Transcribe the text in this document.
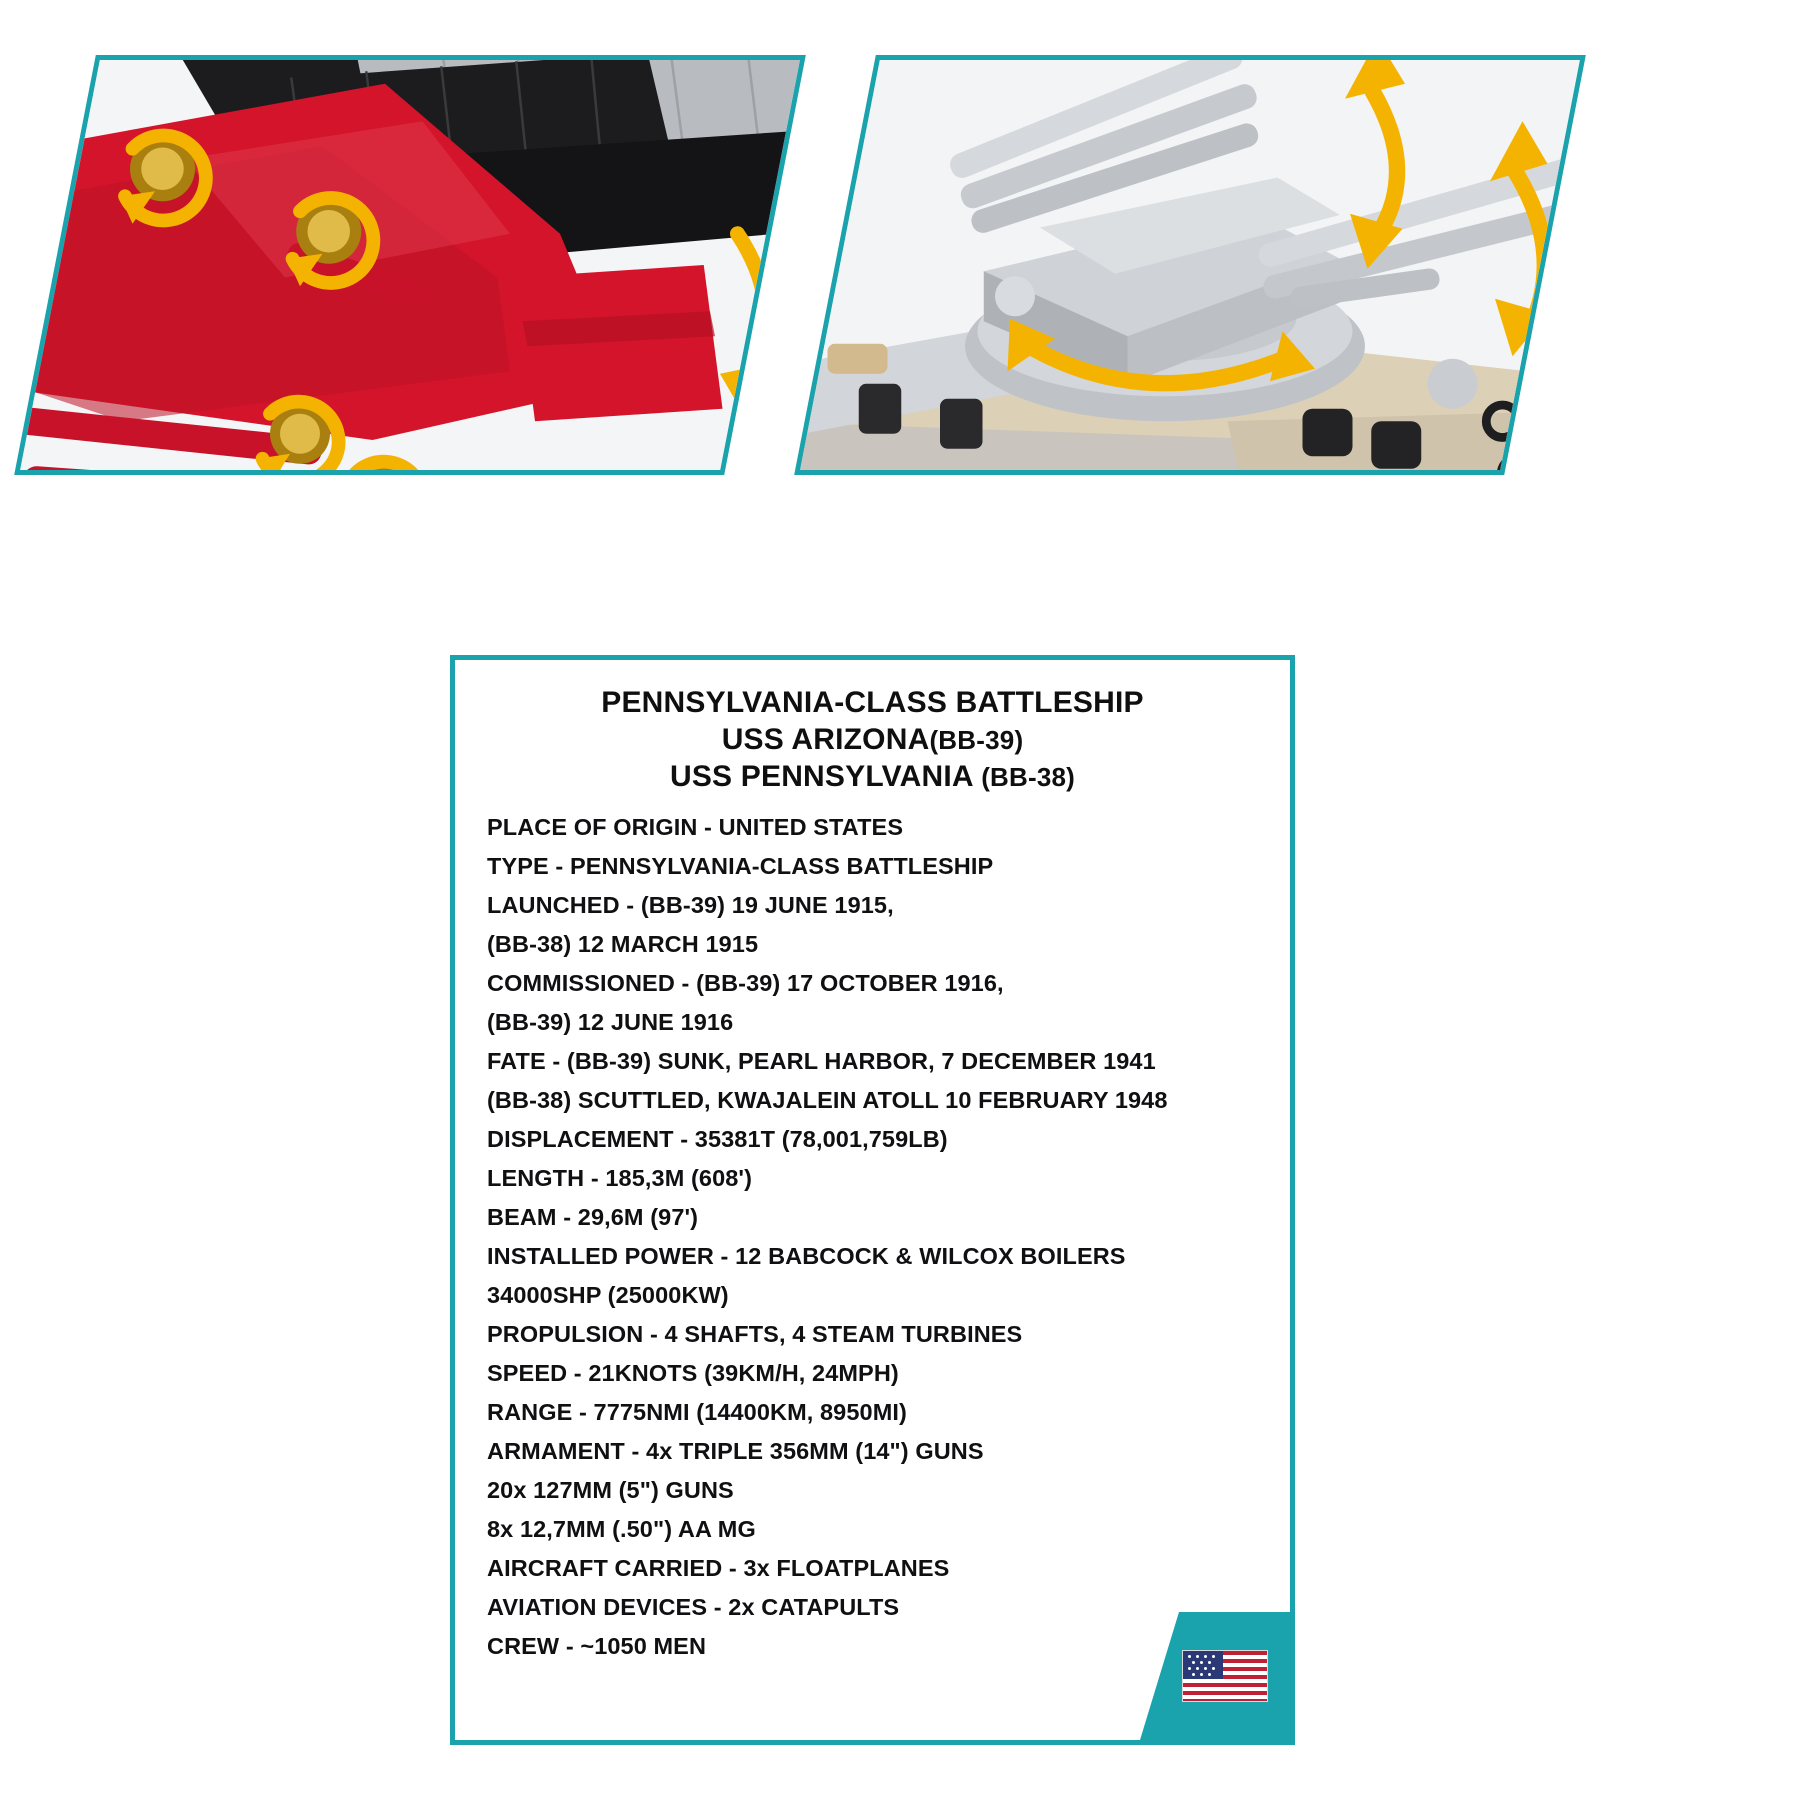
PENNSYLVANIA-CLASS BATTLESHIP
USS ARIZONA(BB-39)
USS PENNSYLVANIA (BB-38)
PLACE OF ORIGIN - UNITED STATES
TYPE - PENNSYLVANIA-CLASS BATTLESHIP
LAUNCHED - (BB-39) 19 JUNE 1915,
(BB-38) 12 MARCH 1915
COMMISSIONED - (BB-39) 17 OCTOBER 1916,
(BB-39) 12 JUNE 1916
FATE - (BB-39) SUNK, PEARL HARBOR, 7 DECEMBER 1941
(BB-38) SCUTTLED, KWAJALEIN ATOLL 10 FEBRUARY 1948
DISPLACEMENT - 35381T (78,001,759LB)
LENGTH - 185,3M (608')
BEAM - 29,6M (97')
INSTALLED POWER - 12 BABCOCK & WILCOX BOILERS
34000SHP (25000KW)
PROPULSION - 4 SHAFTS, 4 STEAM TURBINES
SPEED - 21KNOTS (39KM/H, 24MPH)
RANGE - 7775NMI (14400KM, 8950MI)
ARMAMENT - 4x TRIPLE 356MM (14") GUNS
20x 127MM (5") GUNS
8x 12,7MM (.50") AA MG
AIRCRAFT CARRIED - 3x FLOATPLANES
AVIATION DEVICES - 2x CATAPULTS
CREW - ~1050 MEN
